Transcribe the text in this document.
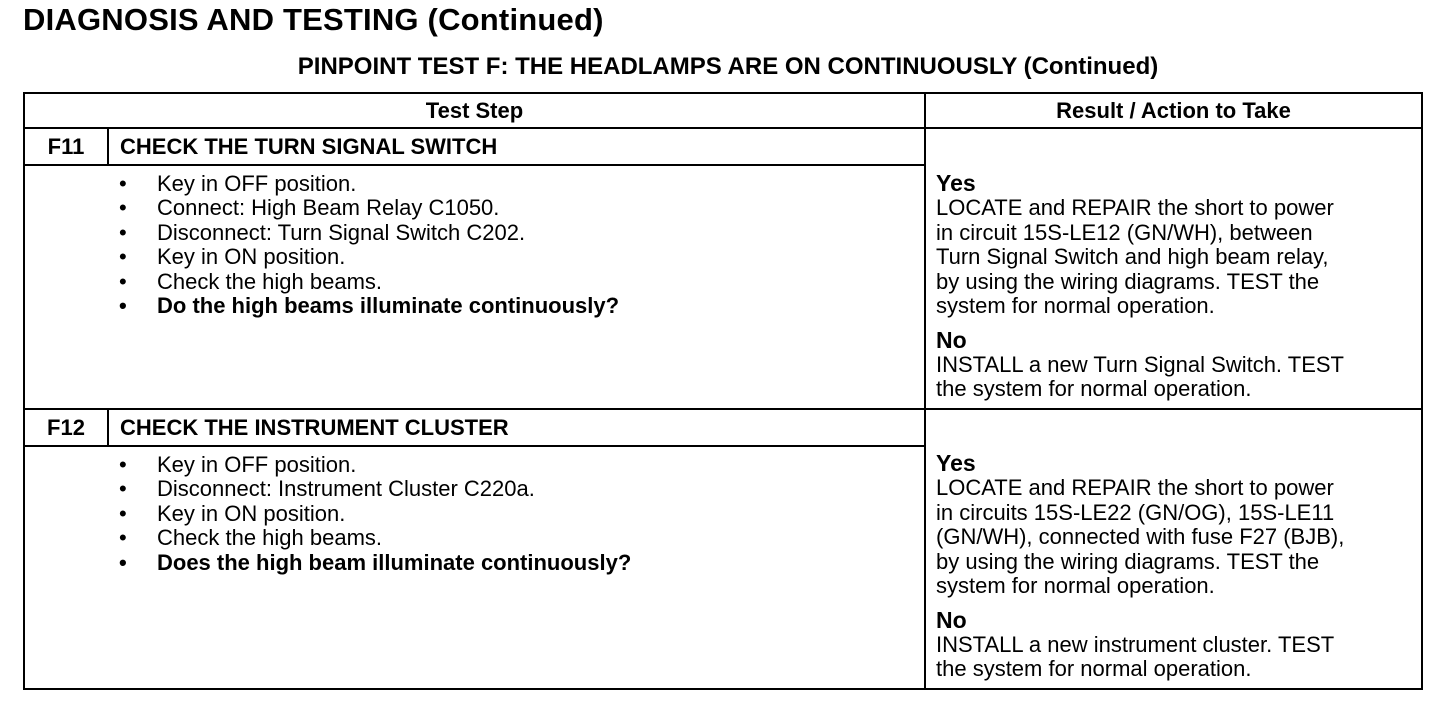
DIAGNOSIS AND TESTING (Continued)
PINPOINT TEST F: THE HEADLAMPS ARE ON CONTINUOUSLY (Continued)
Test Step	Result / Action to Take
F11	CHECK THE TURN SIGNAL SWITCH
• Key in OFF position.
• Connect: High Beam Relay C1050.
• Disconnect: Turn Signal Switch C202.
• Key in ON position.
• Check the high beams.
• Do the high beams illuminate continuously?
Yes
LOCATE and REPAIR the short to power
in circuit 15S-LE12 (GN/WH), between
Turn Signal Switch and high beam relay,
by using the wiring diagrams. TEST the
system for normal operation.
No
INSTALL a new Turn Signal Switch. TEST
the system for normal operation.
F12	CHECK THE INSTRUMENT CLUSTER
• Key in OFF position.
• Disconnect: Instrument Cluster C220a.
• Key in ON position.
• Check the high beams.
• Does the high beam illuminate continuously?
Yes
LOCATE and REPAIR the short to power
in circuits 15S-LE22 (GN/OG), 15S-LE11
(GN/WH), connected with fuse F27 (BJB),
by using the wiring diagrams. TEST the
system for normal operation.
No
INSTALL a new instrument cluster. TEST
the system for normal operation.
